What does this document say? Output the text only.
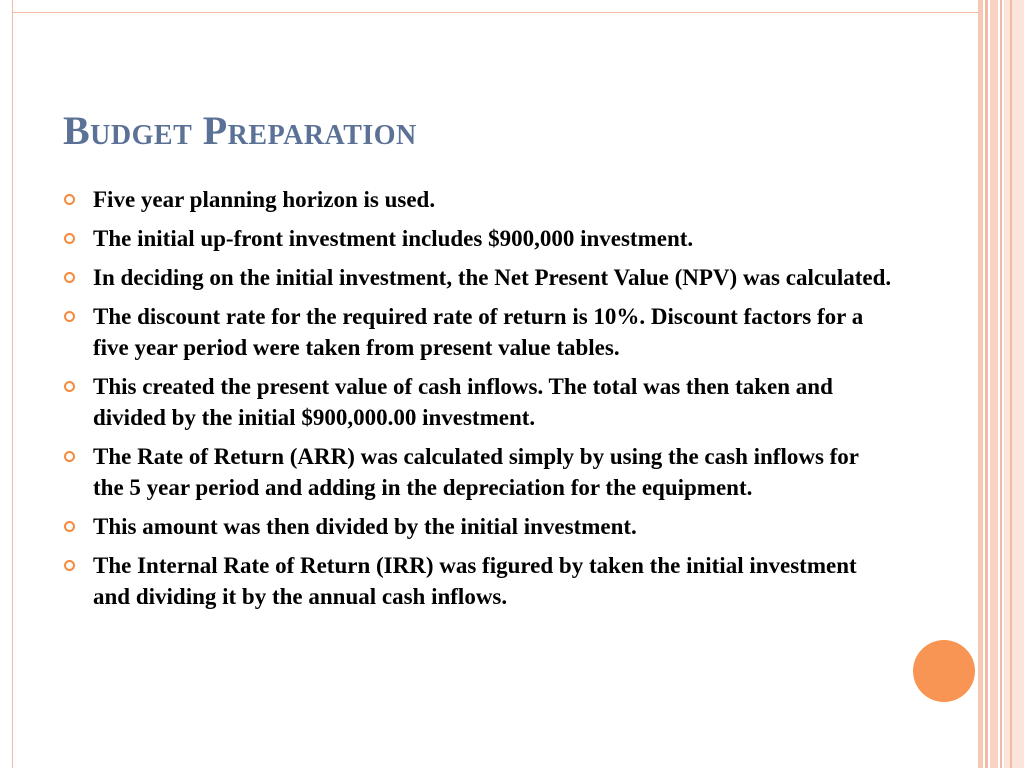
Budget Preparation
Five year planning horizon is used.
The initial up-front investment includes $900,000 investment.
In deciding on the initial investment, the Net Present Value (NPV) was calculated.
The discount rate for the required rate of return is 10%. Discount factors for a five year period were taken from present value tables.
This created the present value of cash inflows. The total was then taken and divided by the initial $900,000.00 investment.
The Rate of Return (ARR) was calculated simply by using the cash inflows for the 5 year period and adding in the depreciation for the equipment.
This amount was then divided by the initial investment.
The Internal Rate of Return (IRR) was figured by taken the initial investment and dividing it by the annual cash inflows.
